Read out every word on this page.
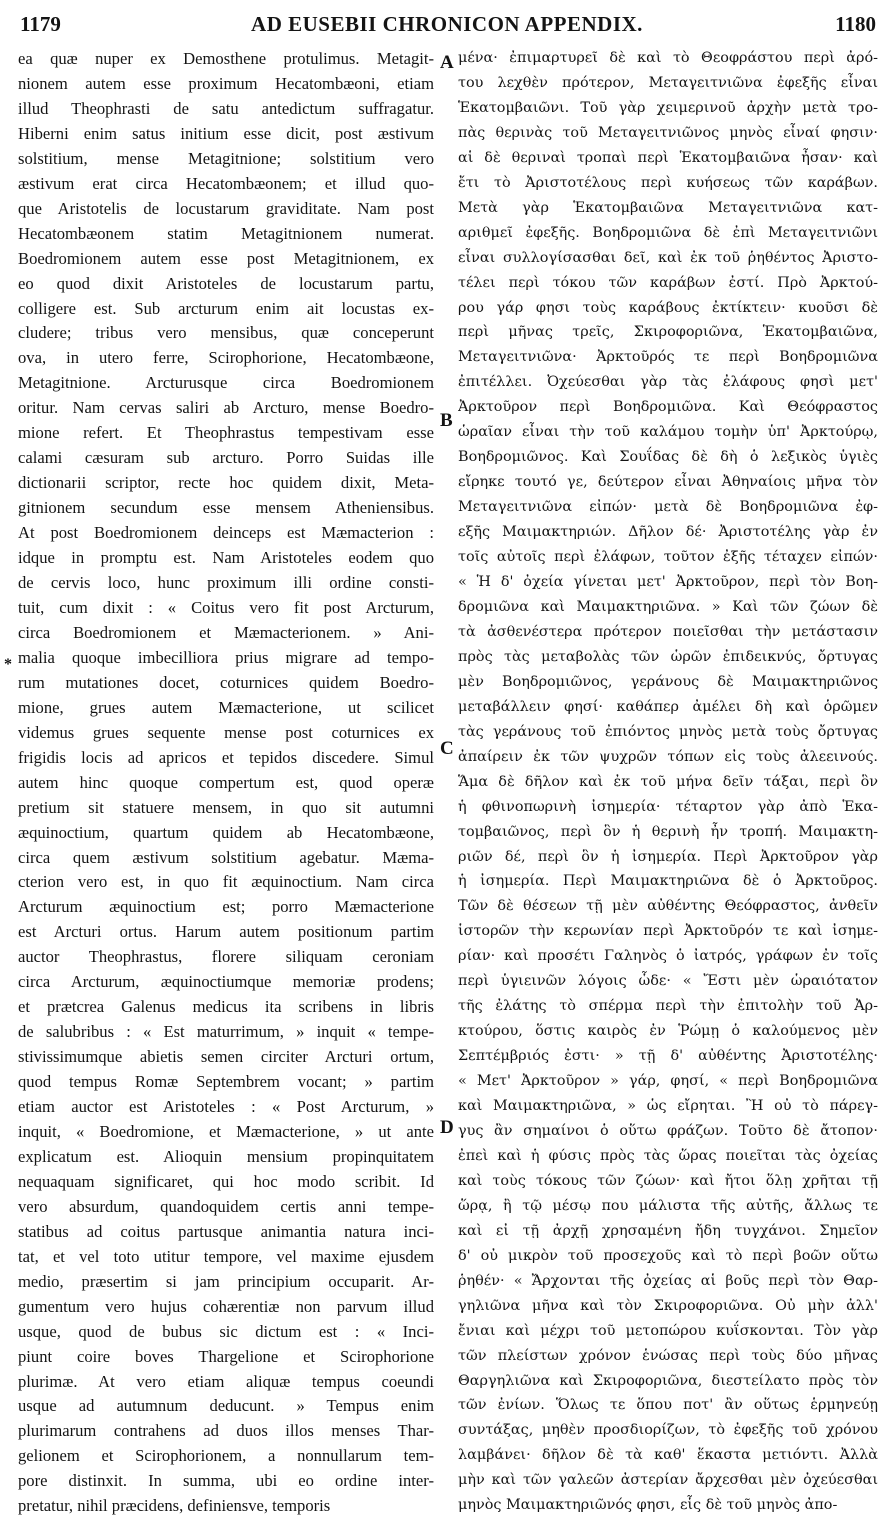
1179	AD EUSEBII CHRONICON APPENDIX.	1180
ea quæ nuper ex Demosthene protulimus. Metagit-
nionem autem esse proximum Hecatombæoni, etiam
illud Theophrasti de satu antedictum suffragatur.
Hiberni enim satus initium esse dicit, post æstivum
solstitium, mense Metagitnione; solstitium vero
æstivum erat circa Hecatombæonem; et illud quo-
que Aristotelis de locustarum graviditate. Nam post
Hecatombæonem statim Metagitnionem numerat.
Boedromionem autem esse post Metagitnionem, ex
eo quod dixit Aristoteles de locustarum partu,
colligere est. Sub arcturum enim ait locustas ex-
cludere; tribus vero mensibus, quæ conceperunt
ova, in utero ferre, Scirophorione, Hecatombæone,
Metagitnione. Arcturusque circa Boedromionem
oritur. Nam cervas saliri ab Arcturo, mense Boedro-
mione refert. Et Theophrastus tempestivam esse
calami cæsuram sub arcturo. Porro Suidas ille
dictionarii scriptor, recte hoc quidem dixit, Meta-
gitnionem secundum esse mensem Atheniensibus.
At post Boedromionem deinceps est Mæmacterion :
idque in promptu est. Nam Aristoteles eodem quo
de cervis loco, hunc proximum illi ordine consti-
tuit, cum dixit : « Coitus vero fit post Arcturum,
circa Boedromionem et Mæmacterionem. » Ani-
malia quoque imbecilliora prius migrare ad tempo-
rum mutationes docet, coturnices quidem Boedro-
mione, grues autem Mæmacterione, ut scilicet
videmus grues sequente mense post coturnices ex
frigidis locis ad apricos et tepidos discedere. Simul
autem hinc quoque compertum est, quod operæ
pretium sit statuere mensem, in quo sit autumni
æquinoctium, quartum quidem ab Hecatombæone,
circa quem æstivum solstitium agebatur. Mæma-
cterion vero est, in quo fit æquinoctium. Nam circa
Arcturum æquinoctium est; porro Mæmacterione
est Arcturi ortus. Harum autem positionum partim
auctor Theophrastus, florere siliquam ceroniam
circa Arcturum, æquinoctiumque memoriæ prodens;
et prætcrea Galenus medicus ita scribens in libris
de salubribus : « Est maturrimum, » inquit « tempe-
stivissimumque abietis semen circiter Arcturi ortum,
quod tempus Romæ Septembrem vocant; » partim
etiam auctor est Aristoteles : « Post Arcturum, »
inquit, « Boedromione, et Mæmacterione, » ut ante
explicatum est. Alioquin mensium propinquitatem
nequaquam significaret, qui hoc modo scribit. Id
vero absurdum, quandoquidem certis anni tempe-
statibus ad coitus partusque animantia natura inci-
tat, et vel toto utitur tempore, vel maxime ejusdem
medio, præsertim si jam principium occuparit. Ar-
gumentum vero hujus cohærentiæ non parvum illud
usque, quod de bubus sic dictum est : « Inci-
piunt coire boves Thargelione et Scirophorione
plurimæ. At vero etiam aliquæ tempus coeundi
usque ad autumnum deducunt. » Tempus enim
plurimarum contrahens ad duos illos menses Thar-
gelionem et Scirophorionem, a nonnullarum tem-
pore distinxit. In summa, ubi eo ordine inter-
pretatur, nihil præcidens, definiensve, temporis
μένα· ἐπιμαρτυρεῖ δὲ καὶ τὸ Θεοφράστου περὶ ἀρό-
του λεχθὲν πρότερον, Μεταγειτνιῶνα ἐφεξῆς εἶναι
Ἑκατομβαιῶνι. Τοῦ γὰρ χειμερινοῦ ἀρχὴν μετὰ τρο-
πὰς θερινὰς τοῦ Μεταγειτνιῶνος μηνὸς εἶναί φησιν·
αἱ δὲ θεριναὶ τροπαὶ περὶ Ἑκατομβαιῶνα ἦσαν· καὶ
ἔτι τὸ Ἀριστοτέλους περὶ κυήσεως τῶν καράβων.
Μετὰ γὰρ Ἑκατομβαιῶνα Μεταγειτνιῶνα κατ-
αριθμεῖ ἐφεξῆς. Βοηδρομιῶνα δὲ ἐπὶ Μεταγειτνιῶνι
εἶναι συλλογίσασθαι δεῖ, καὶ ἐκ τοῦ ῥηθέντος Ἀριστο-
τέλει περὶ τόκου τῶν καράβων ἐστί. Πρὸ Ἀρκτού-
ρου γάρ φησι τοὺς καράβους ἐκτίκτειν· κυοῦσι δὲ
περὶ μῆνας τρεῖς, Σκιροφοριῶνα, Ἑκατομβαιῶνα,
Μεταγειτνιῶνα· Ἀρκτοῦρός τε περὶ Βοηδρομιῶνα
ἐπιτέλλει. Ὀχεύεσθαι γὰρ τὰς ἐλάφους φησὶ μετ'
Ἀρκτοῦρον περὶ Βοηδρομιῶνα. Καὶ Θεόφραστος
ὡραῖαν εἶναι τὴν τοῦ καλάμου τομὴν ὑπ' Ἀρκτούρῳ,
Βοηδρομιῶνος. Καὶ Σουΐδας δὲ δὴ ὁ λεξικὸς ὑγιὲς
εἴρηκε τουτό γε, δεύτερον εἶναι Ἀθηναίοις μῆνα τὸν
Μεταγειτνιῶνα εἰπών· μετὰ δὲ Βοηδρομιῶνα ἐφ-
εξῆς Μαιμακτηριών. Δῆλον δέ· Ἀριστοτέλης γὰρ ἐν
τοῖς αὐτοῖς περὶ ἐλάφων, τοῦτον ἐξῆς τέταχεν εἰπών·
« Ἡ δ' ὀχεία γίνεται μετ' Ἀρκτοῦρον, περὶ τὸν Βοη-
δρομιῶνα καὶ Μαιμακτηριῶνα. » Καὶ τῶν ζώων δὲ
τὰ ἀσθενέστερα πρότερον ποιεῖσθαι τὴν μετάστασιν
πρὸς τὰς μεταβολὰς τῶν ὡρῶν ἐπιδεικνύς, ὄρτυγας
μὲν Βοηδρομιῶνος, γεράνους δὲ Μαιμακτηριῶνος
μεταβάλλειν φησί· καθάπερ ἀμέλει δὴ καὶ ὁρῶμεν
τὰς γεράνους τοῦ ἐπιόντος μηνὸς μετὰ τοὺς ὄρτυγας
ἀπαίρειν ἐκ τῶν ψυχρῶν τόπων εἰς τοὺς ἀλεεινούς.
Ἅμα δὲ δῆλον καὶ ἐκ τοῦ μήνα δεῖν τάξαι, περὶ ὃν
ἡ φθινοπωρινὴ ἰσημερία· τέταρτον γὰρ ἀπὸ Ἑκα-
τομβαιῶνος, περὶ ὃν ἡ θερινὴ ἦν τροπή. Μαιμακτη-
ριῶν δέ, περὶ ὃν ἡ ἰσημερία. Περὶ Ἀρκτοῦρον γὰρ
ἡ ἰσημερία. Περὶ Μαιμακτηριῶνα δὲ ὁ Ἀρκτοῦρος.
Τῶν δὲ θέσεων τῇ μὲν αὐθέντης Θεόφραστος, ἀνθεῖν
ἱστορῶν τὴν κερωνίαν περὶ Ἀρκτοῦρόν τε καὶ ἰσημε-
ρίαν· καὶ προσέτι Γαληνὸς ὁ ἰατρός, γράφων ἐν τοῖς
περὶ ὑγιεινῶν λόγοις ὧδε· « Ἔστι μὲν ὡραιότατον
τῆς ἐλάτης τὸ σπέρμα περὶ τὴν ἐπιτολὴν τοῦ Ἀρ-
κτούρου, ὅστις καιρὸς ἐν Ῥώμῃ ὁ καλούμενος μὲν
Σεπτέμβριός ἐστι· » τῇ δ' αὐθέντης Ἀριστοτέλης·
« Μετ' Ἀρκτοῦρον » γάρ, φησί, « περὶ Βοηδρομιῶνα
καὶ Μαιμακτηριῶνα, » ὡς εἴρηται. Ἢ οὐ τὸ πάρεγ-
γυς ἂν σημαίνοι ὁ οὕτω φράζων. Τοῦτο δὲ ἄτοπον·
ἐπεὶ καὶ ἡ φύσις πρὸς τὰς ὥρας ποιεῖται τὰς ὀχείας
καὶ τοὺς τόκους τῶν ζώων· καὶ ἤτοι ὅλῃ χρῆται τῇ
ὥρᾳ, ἢ τῷ μέσῳ που μάλιστα τῆς αὐτῆς, ἄλλως τε
καὶ εἰ τῇ ἀρχῇ χρησαμένη ἤδη τυγχάνοι. Σημεῖον
δ' οὐ μικρὸν τοῦ προσεχοῦς καὶ τὸ περὶ βοῶν οὕτω
ῥηθέν· « Ἄρχονται τῆς ὀχείας αἱ βοῦς περὶ τὸν Θαρ-
γηλιῶνα μῆνα καὶ τὸν Σκιροφοριῶνα. Οὐ μὴν ἀλλ'
ἔνιαι καὶ μέχρι τοῦ μετοπώρου κυΐσκονται. Τὸν γὰρ
τῶν πλείστων χρόνον ἑνώσας περὶ τοὺς δύο μῆνας
Θαργηλιῶνα καὶ Σκιροφοριῶνα, διεστείλατο πρὸς τὸν
τῶν ἐνίων. Ὅλως τε ὅπου ποτ' ἂν οὕτως ἑρμηνεύῃ
συντάξας, μηθὲν προσδιορίζων, τὸ ἐφεξῆς τοῦ χρόνου
λαμβάνει· δῆλον δὲ τὰ καθ' ἕκαστα μετιόντι. Ἀλλὰ
μὴν καὶ τῶν γαλεῶν ἀστερίαν ἄρχεσθαι μὲν ὀχεύεσθαι
μηνὸς Μαιμακτηριῶνός φησι, εἷς δὲ τοῦ μηνὸς ἀπο-
A
B
C
D
*
